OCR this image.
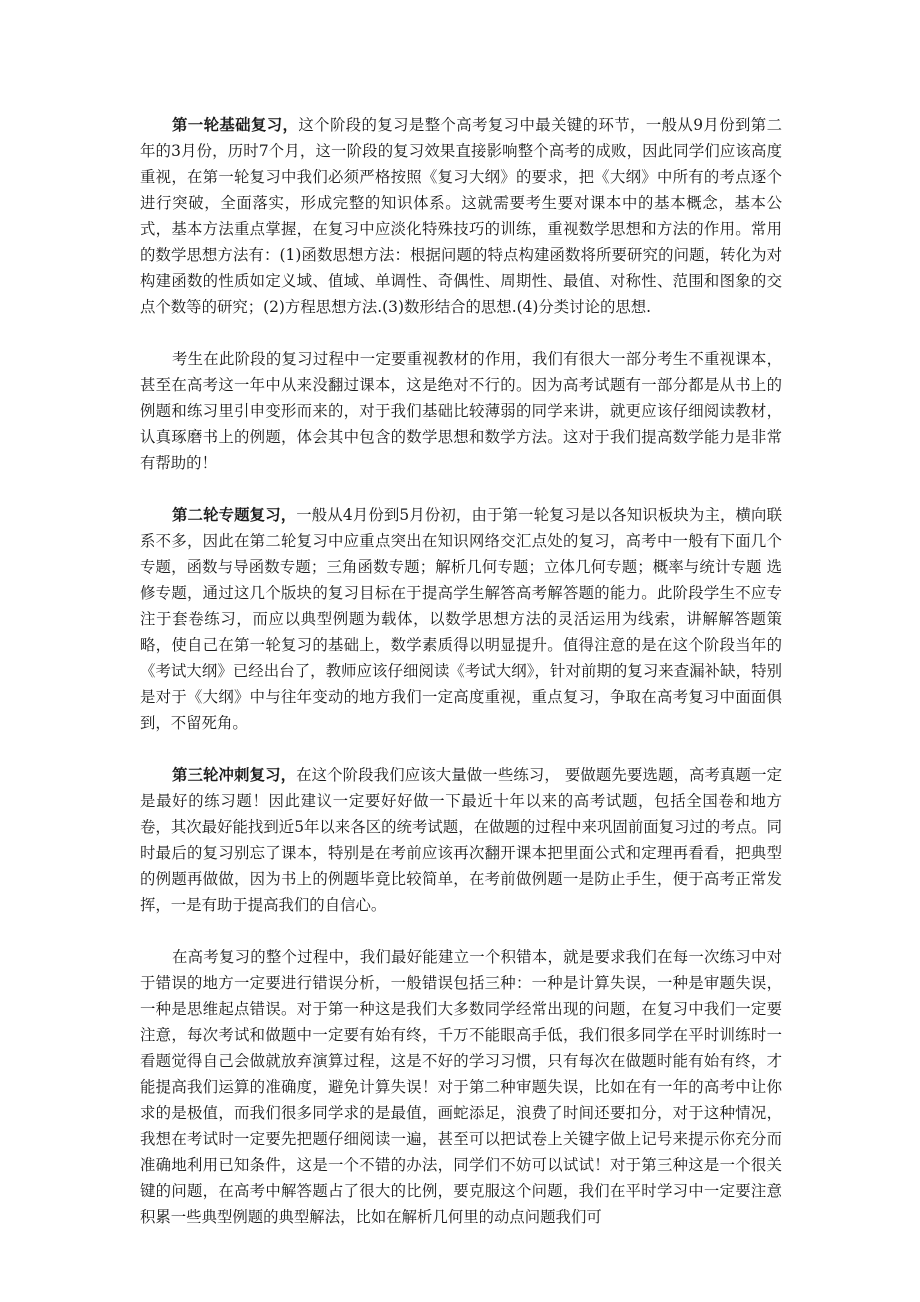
第一轮基础复习，这个阶段的复习是整个高考复习中最关键的环节，一般从9月份到第二年的3月份，历时7个月，这一阶段的复习效果直接影响整个高考的成败，因此同学们应该高度重视，在第一轮复习中我们必须严格按照《复习大纲》的要求，把《大纲》中所有的考点逐个进行突破，全面落实，形成完整的知识体系。这就需要考生要对课本中的基本概念，基本公式，基本方法重点掌握，在复习中应淡化特殊技巧的训练，重视数学思想和方法的作用。常用的数学思想方法有：(1)函数思想方法：根据问题的特点构建函数将所要研究的问题，转化为对构建函数的性质如定义域、值域、单调性、奇偶性、周期性、最值、对称性、范围和图象的交点个数等的研究；(2)方程思想方法.(3)数形结合的思想.(4)分类讨论的思想.

考生在此阶段的复习过程中一定要重视教材的作用，我们有很大一部分考生不重视课本，甚至在高考这一年中从来没翻过课本，这是绝对不行的。因为高考试题有一部分都是从书上的例题和练习里引申变形而来的，对于我们基础比较薄弱的同学来讲，就更应该仔细阅读教材，认真琢磨书上的例题，体会其中包含的数学思想和数学方法。这对于我们提高数学能力是非常有帮助的！

第二轮专题复习，一般从4月份到5月份初，由于第一轮复习是以各知识板块为主，横向联系不多，因此在第二轮复习中应重点突出在知识网络交汇点处的复习，高考中一般有下面几个专题，函数与导函数专题；三角函数专题；解析几何专题；立体几何专题；概率与统计专题 选修专题，通过这几个版块的复习目标在于提高学生解答高考解答题的能力。此阶段学生不应专注于套卷练习，而应以典型例题为载体，以数学思想方法的灵活运用为线索，讲解解答题策略，使自己在第一轮复习的基础上，数学素质得以明显提升。值得注意的是在这个阶段当年的《考试大纲》已经出台了，教师应该仔细阅读《考试大纲》，针对前期的复习来查漏补缺，特别是对于《大纲》中与往年变动的地方我们一定高度重视，重点复习，争取在高考复习中面面俱到，不留死角。

第三轮冲刺复习，在这个阶段我们应该大量做一些练习， 要做题先要选题，高考真题一定是最好的练习题！因此建议一定要好好做一下最近十年以来的高考试题，包括全国卷和地方卷，其次最好能找到近5年以来各区的统考试题，在做题的过程中来巩固前面复习过的考点。同时最后的复习别忘了课本，特别是在考前应该再次翻开课本把里面公式和定理再看看，把典型的例题再做做，因为书上的例题毕竟比较简单，在考前做例题一是防止手生，便于高考正常发挥，一是有助于提高我们的自信心。

在高考复习的整个过程中，我们最好能建立一个积错本，就是要求我们在每一次练习中对于错误的地方一定要进行错误分析，一般错误包括三种：一种是计算失误，一种是审题失误，一种是思维起点错误。对于第一种这是我们大多数同学经常出现的问题，在复习中我们一定要注意，每次考试和做题中一定要有始有终，千万不能眼高手低，我们很多同学在平时训练时一看题觉得自己会做就放弃演算过程，这是不好的学习习惯，只有每次在做题时能有始有终，才能提高我们运算的准确度，避免计算失误！对于第二种审题失误，比如在有一年的高考中让你求的是极值，而我们很多同学求的是最值，画蛇添足，浪费了时间还要扣分，对于这种情况，我想在考试时一定要先把题仔细阅读一遍，甚至可以把试卷上关键字做上记号来提示你充分而准确地利用已知条件，这是一个不错的办法，同学们不妨可以试试！对于第三种这是一个很关键的问题，在高考中解答题占了很大的比例，要克服这个问题，我们在平时学习中一定要注意积累一些典型例题的典型解法，比如在解析几何里的动点问题我们可
